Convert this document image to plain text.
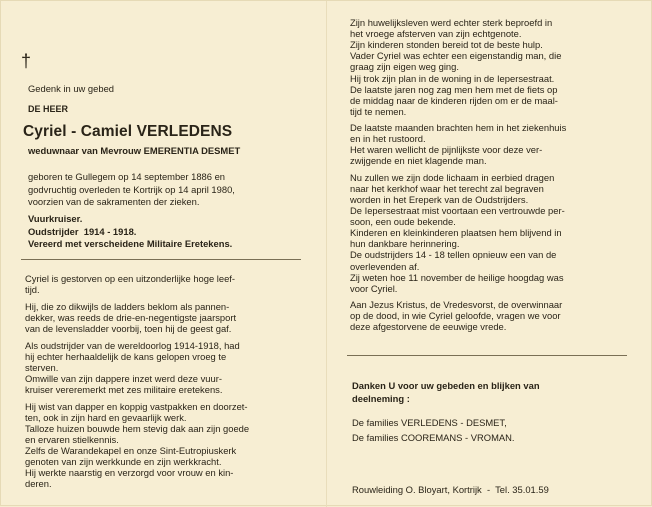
†
Gedenk in uw gebed
DE HEER
Cyriel - Camiel VERLEDENS
weduwnaar van Mevrouw EMERENTIA DESMET
geboren te Gullegem op 14 september 1886 en
godvruchtig overleden te Kortrijk op 14 april 1980,
voorzien van de sakramenten der zieken.
Vuurkruiser.
Oudstrijder  1914 - 1918.
Vereerd met verscheidene Militaire Eretekens.
Cyriel is gestorven op een uitzonderlijke hoge leef-
tijd.
Hij, die zo dikwijls de ladders beklom als pannen-
dekker, was reeds de drie-en-negentigste jaarsport
van de levensladder voorbij, toen hij de geest gaf.
Als oudstrijder van de wereldoorlog 1914-1918, had
hij echter herhaaldelijk de kans gelopen vroeg te
sterven.
Omwille van zijn dappere inzet werd deze vuur-
kruiser vereremerkt met zes militaire eretekens.
Hij wist van dapper en koppig vastpakken en doorzet-
ten, ook in zijn hard en gevaarlijk werk.
Talloze huizen bouwde hem stevig dak aan zijn goede
en ervaren stielkennis.
Zelfs de Warandekapel en onze Sint-Eutropiuskerk
genoten van zijn werkkunde en zijn werkkracht.
Hij werkte naarstig en verzorgd voor vrouw en kin-
deren.
Zijn huwelijksleven werd echter sterk beproefd in
het vroege afsterven van zijn echtgenote.
Zijn kinderen stonden bereid tot de beste hulp.
Vader Cyriel was echter een eigenstandig man, die
graag zijn eigen weg ging.
Hij trok zijn plan in de woning in de Iepersestraat.
De laatste jaren nog zag men hem met de fiets op
de middag naar de kinderen rijden om er de maal-
tijd te nemen.
De laatste maanden brachten hem in het ziekenhuis
en in het rustoord.
Het waren wellicht de pijnlijkste voor deze ver-
zwijgende en niet klagende man.
Nu zullen we zijn dode lichaam in eerbied dragen
naar het kerkhof waar het terecht zal begraven
worden in het Ereperk van de Oudstrijders.
De Iepersestraat mist voortaan een vertrouwde per-
soon, een oude bekende.
Kinderen en kleinkinderen plaatsen hem blijvend in
hun dankbare herinnering.
De oudstrijders 14 - 18 tellen opnieuw een van de
overlevenden af.
Zij weten hoe 11 november de heilige hoogdag was
voor Cyriel.
Aan Jezus Kristus, de Vredesvorst, de overwinnaar
op de dood, in wie Cyriel geloofde, vragen we voor
deze afgestorvene de eeuwige vrede.
Danken U voor uw gebeden en blijken van
deelneming :
De families VERLEDENS - DESMET,
De families COOREMANS - VROMAN.
Rouwleiding O. Bloyart, Kortrijk  -  Tel. 35.01.59
